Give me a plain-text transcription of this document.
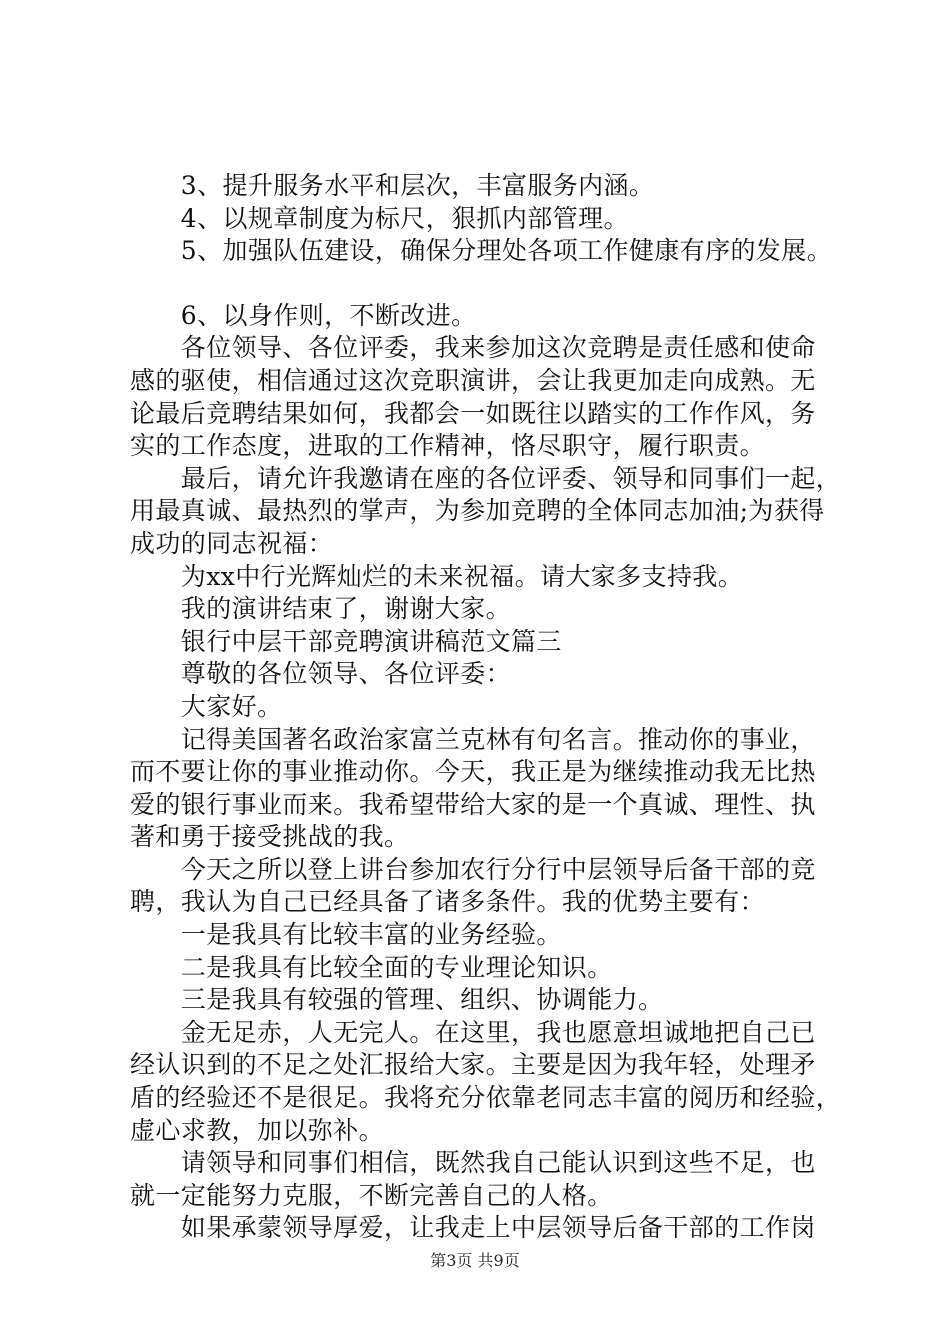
　　3、提升服务水平和层次，丰富服务内涵。
　　4、以规章制度为标尺，狠抓内部管理。
　　5、加强队伍建设，确保分理处各项工作健康有序的发展。
　　6、以身作则，不断改进。
　　各位领导、各位评委，我来参加这次竞聘是责任感和使命
感的驱使，相信通过这次竞职演讲，会让我更加走向成熟。无
论最后竞聘结果如何，我都会一如既往以踏实的工作作风，务
实的工作态度，进取的工作精神，恪尽职守，履行职责。
　　最后，请允许我邀请在座的各位评委、领导和同事们一起，
用最真诚、最热烈的掌声，为参加竞聘的全体同志加油;为获得
成功的同志祝福：
　　为xx中行光辉灿烂的未来祝福。请大家多支持我。
　　我的演讲结束了，谢谢大家。
　　银行中层干部竞聘演讲稿范文篇三
　　尊敬的各位领导、各位评委：
　　大家好。
　　记得美国著名政治家富兰克林有句名言。推动你的事业，
而不要让你的事业推动你。今天，我正是为继续推动我无比热
爱的银行事业而来。我希望带给大家的是一个真诚、理性、执
著和勇于接受挑战的我。
　　今天之所以登上讲台参加农行分行中层领导后备干部的竞
聘，我认为自己已经具备了诸多条件。我的优势主要有：
　　一是我具有比较丰富的业务经验。
　　二是我具有比较全面的专业理论知识。
　　三是我具有较强的管理、组织、协调能力。
　　金无足赤，人无完人。在这里，我也愿意坦诚地把自己已
经认识到的不足之处汇报给大家。主要是因为我年轻，处理矛
盾的经验还不是很足。我将充分依靠老同志丰富的阅历和经验，
虚心求教，加以弥补。
　　请领导和同事们相信，既然我自己能认识到这些不足，也
就一定能努力克服，不断完善自己的人格。
　　如果承蒙领导厚爱，让我走上中层领导后备干部的工作岗
第3页 共9页
